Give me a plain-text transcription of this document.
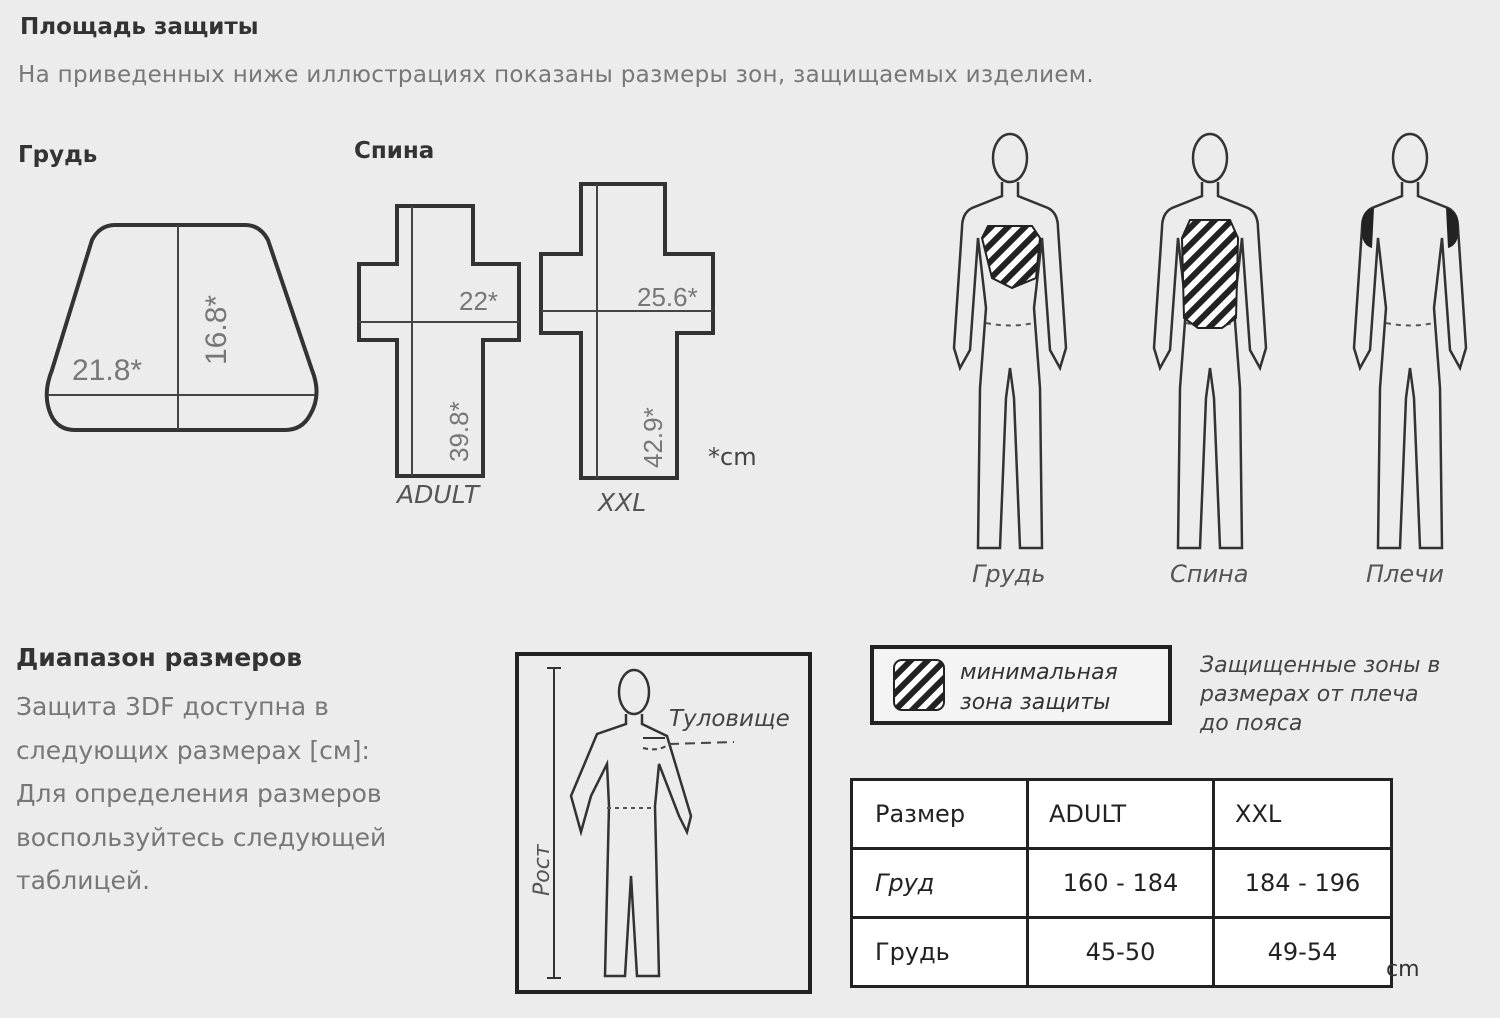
Площадь защиты
На приведенных ниже иллюстрациях показаны размеры зон, защищаемых изделием.
Грудь
21.8*
16.8*
Спина
22*
39.8*
ADULT
25.6*
42.9*
XXL
*cm
Грудь	Спина	Плечи
Диапазон размеров
Защита 3DF доступна в
следующих размерах [см]:
Для определения размеров
воспользуйтесь следующей
таблицей.	Рост
Туловище
минимальная
зона защиты
Защищенные зоны в
размерах от плеча
до пояса
Размер	ADULT	XXL
Груд	160 - 184	184 - 196
Грудь	45-50	49-54
cm
